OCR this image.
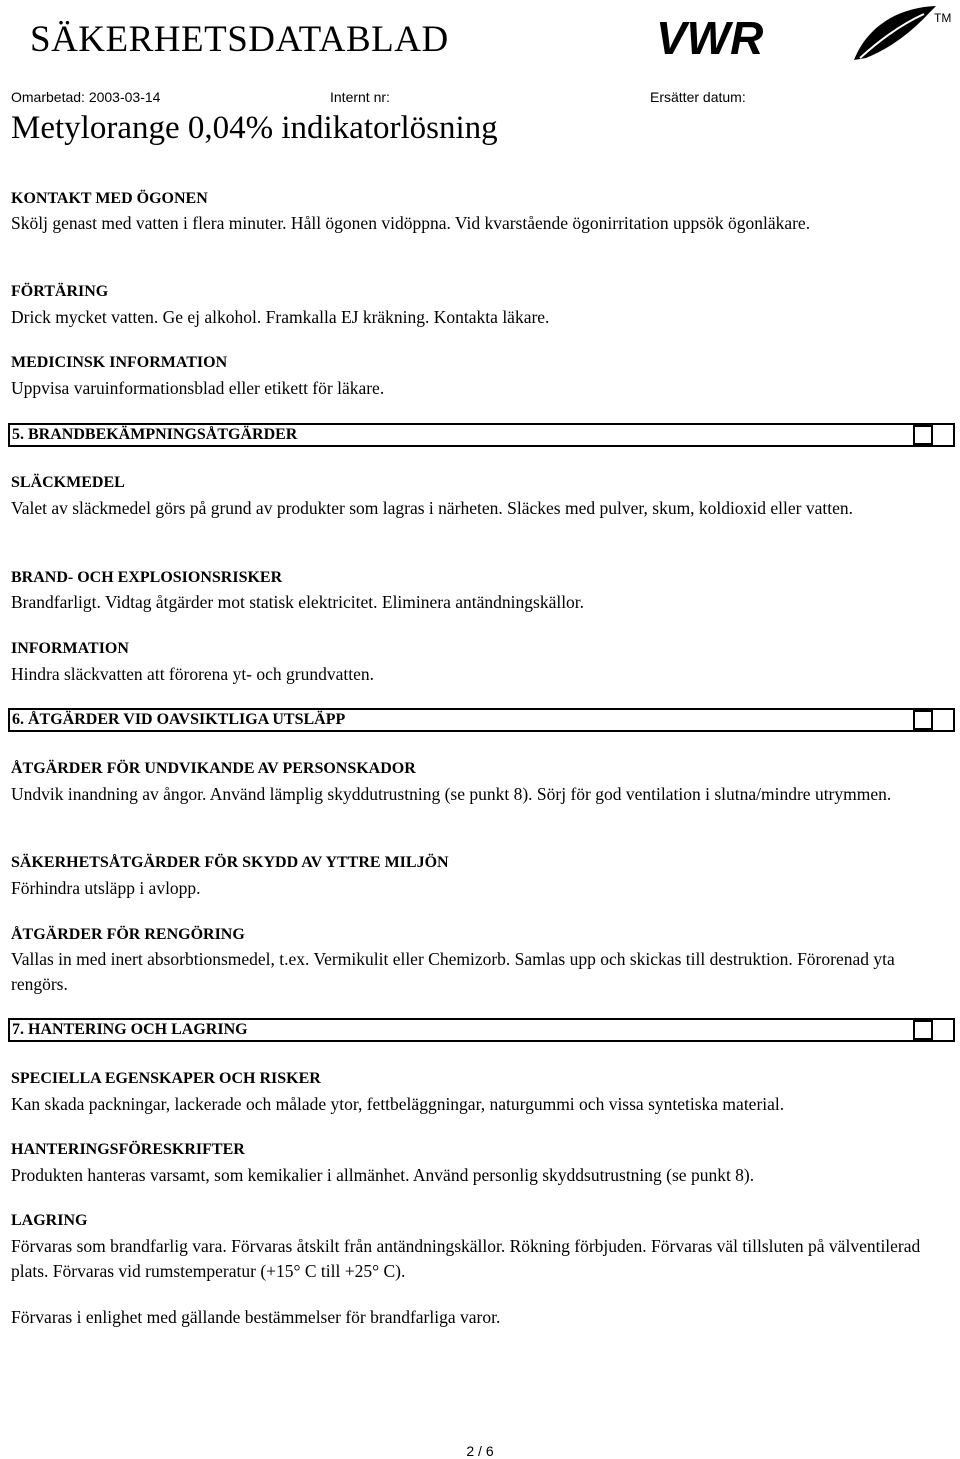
SÄKERHETSDATABLAD	VWR	TM
Omarbetad: 2003-03-14	Internt nr:	Ersätter datum:
Metylorange 0,04% indikatorlösning
KONTAKT MED ÖGONEN
Skölj genast med vatten i flera minuter. Håll ögonen vidöppna. Vid kvarstående ögonirritation uppsök ögonläkare.
FÖRTÄRING
Drick mycket vatten. Ge ej alkohol. Framkalla EJ kräkning. Kontakta läkare.
MEDICINSK INFORMATION
Uppvisa varuinformationsblad eller etikett för läkare.
5. BRANDBEKÄMPNINGSÅTGÄRDER
SLÄCKMEDEL
Valet av släckmedel görs på grund av produkter som lagras i närheten. Släckes med pulver, skum, koldioxid eller vatten.
BRAND- OCH EXPLOSIONSRISKER
Brandfarligt. Vidtag åtgärder mot statisk elektricitet. Eliminera antändningskällor.
INFORMATION
Hindra släckvatten att förorena yt- och grundvatten.
6. ÅTGÄRDER VID OAVSIKTLIGA UTSLÄPP
ÅTGÄRDER FÖR UNDVIKANDE AV PERSONSKADOR
Undvik inandning av ångor. Använd lämplig skyddutrustning (se punkt 8). Sörj för god ventilation i slutna/mindre utrymmen.
SÄKERHETSÅTGÄRDER FÖR SKYDD AV YTTRE MILJÖN
Förhindra utsläpp i avlopp.
ÅTGÄRDER FÖR RENGÖRING
Vallas in med inert absorbtionsmedel, t.ex. Vermikulit eller Chemizorb. Samlas upp och skickas till destruktion. Förorenad yta rengörs.
7. HANTERING OCH LAGRING
SPECIELLA EGENSKAPER OCH RISKER
Kan skada packningar, lackerade och målade ytor, fettbeläggningar, naturgummi och vissa syntetiska material.
HANTERINGSFÖRESKRIFTER
Produkten hanteras varsamt, som kemikalier i allmänhet. Använd personlig skyddsutrustning (se punkt 8).
LAGRING
Förvaras som brandfarlig vara. Förvaras åtskilt från antändningskällor. Rökning förbjuden. Förvaras väl tillsluten på välventilerad plats. Förvaras vid rumstemperatur (+15° C till +25° C).
Förvaras i enlighet med gällande bestämmelser för brandfarliga varor.
2 / 6
